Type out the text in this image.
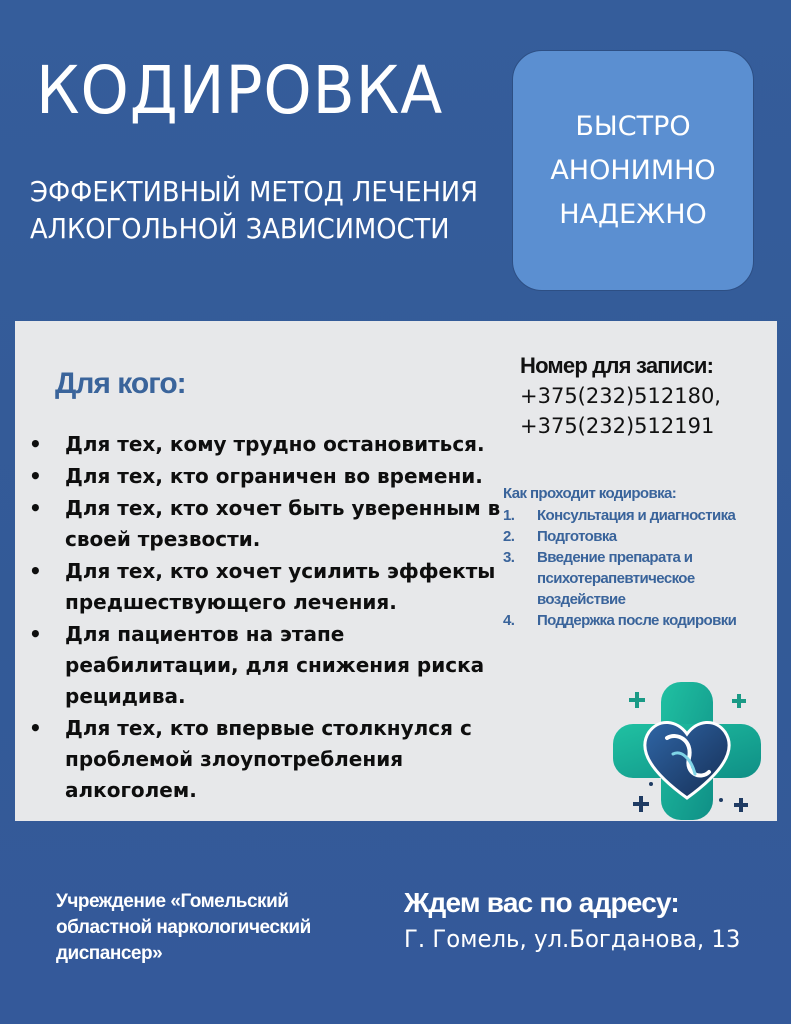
КОДИРОВКА
ЭФФЕКТИВНЫЙ МЕТОД ЛЕЧЕНИЯ
АЛКОГОЛЬНОЙ ЗАВИСИМОСТИ
БЫСТРО
АНОНИМНО
НАДЕЖНО
Для кого:
• Для тех, кому трудно остановиться.
• Для тех, кто ограничен во времени.
• Для тех, кто хочет быть уверенным в своей трезвости.
• Для тех, кто хочет усилить эффекты предшествующего лечения.
• Для пациентов на этапе реабилитации, для снижения риска рецидива.
• Для тех, кто впервые столкнулся с проблемой злоупотребления алкоголем.
Номер для записи:
+375(232)512180,
+375(232)512191
Как проходит кодировка:
1. Консультация и диагностика
2. Подготовка
3. Введение препарата и психотерапевтическое воздействие
4. Поддержка после кодировки
Учреждение «Гомельский областной наркологический диспансер»
Ждем вас по адресу:
Г. Гомель, ул.Богданова, 13
